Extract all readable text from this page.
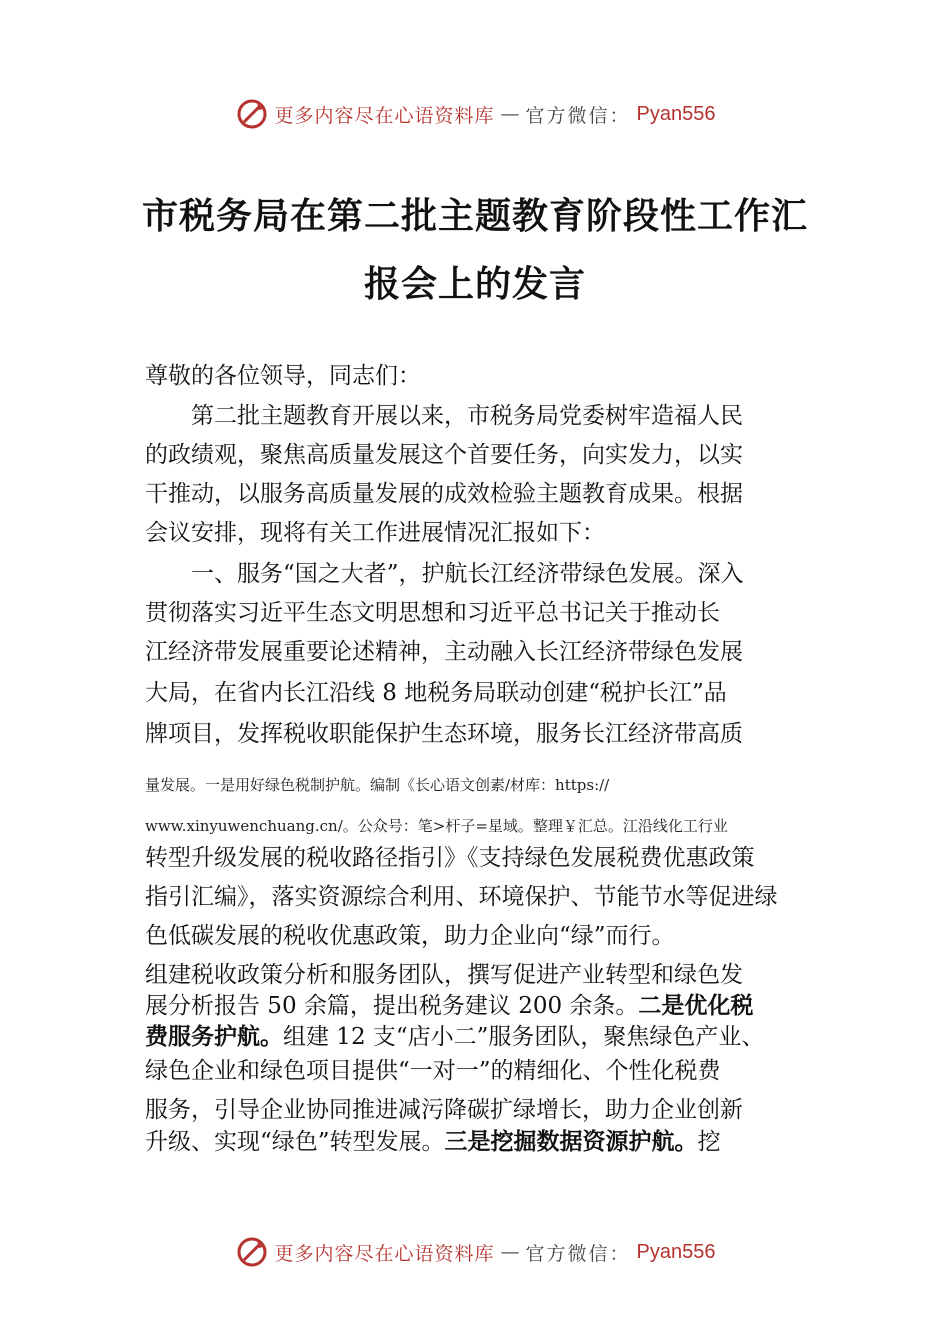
更多内容尽在心语资料库 — 官方微信： Pyan556
市税务局在第二批主题教育阶段性工作汇
报会上的发言
尊敬的各位领导，同志们：
　　第二批主题教育开展以来，市税务局党委树牢造福人民
的政绩观，聚焦高质量发展这个首要任务，向实发力，以实
干推动，以服务高质量发展的成效检验主题教育成果。根据
会议安排，现将有关工作进展情况汇报如下：
　　一、服务“国之大者”，护航长江经济带绿色发展。深入
贯彻落实习近平生态文明思想和习近平总书记关于推动长
江经济带发展重要论述精神，主动融入长江经济带绿色发展
大局，在省内长江沿线 8 地税务局联动创建“税护长江”品
牌项目，发挥税收职能保护生态环境，服务长江经济带高质
量发展。一是用好绿色税制护航。编制《长心语文创素/材库：https://
www.xinyuwenchuang.cn/。公众号：笔>杆子=星域。整理￥汇总。江沿线化工行业
转型升级发展的税收路径指引》《支持绿色发展税费优惠政策
指引汇编》，落实资源综合利用、环境保护、节能节水等促进绿
色低碳发展的税收优惠政策，助力企业向“绿”而行。
组建税收政策分析和服务团队，撰写促进产业转型和绿色发
展分析报告 50 余篇，提出税务建议 200 余条。二是优化税
费服务护航。组建 12 支“店小二”服务团队，聚焦绿色产业、
绿色企业和绿色项目提供“一对一”的精细化、个性化税费
服务，引导企业协同推进减污降碳扩绿增长，助力企业创新
升级、实现“绿色”转型发展。三是挖掘数据资源护航。挖
更多内容尽在心语资料库 — 官方微信： Pyan556
